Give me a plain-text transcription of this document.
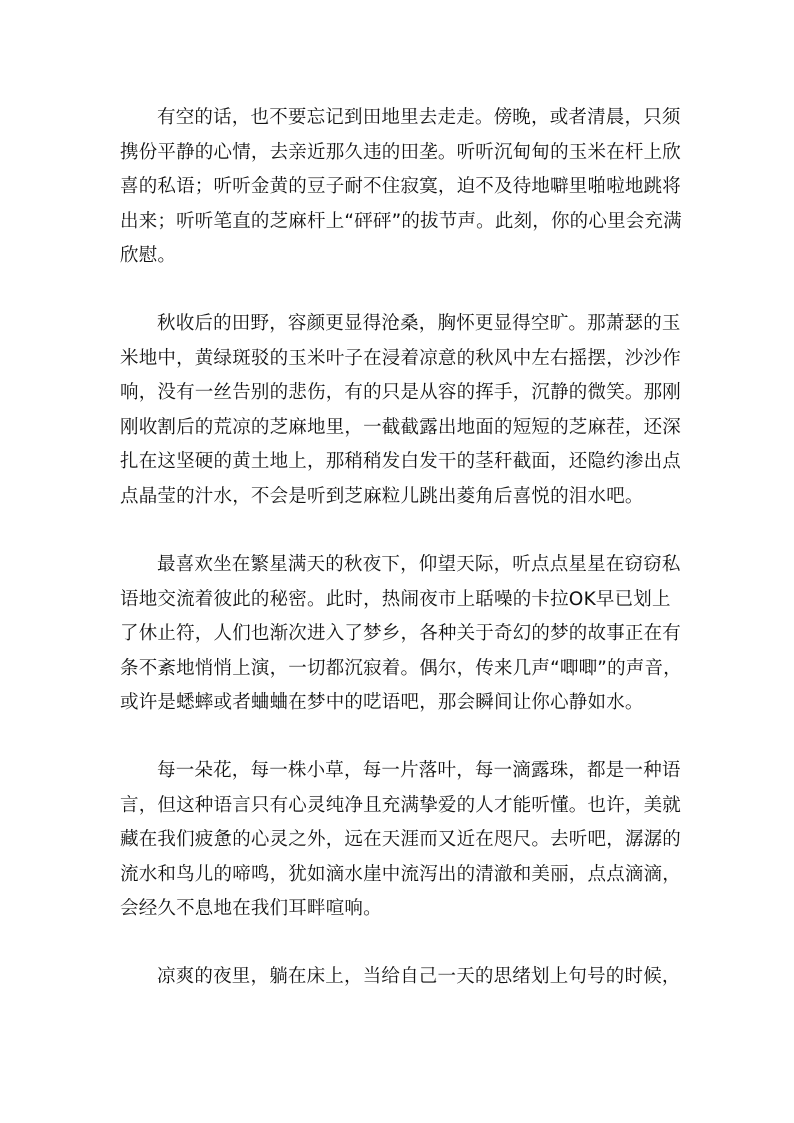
有空的话，也不要忘记到田地里去走走。傍晚，或者清晨，只须
携份平静的心情，去亲近那久违的田垄。听听沉甸甸的玉米在杆上欣
喜的私语；听听金黄的豆子耐不住寂寞，迫不及待地噼里啪啦地跳将
出来；听听笔直的芝麻杆上“砰砰”的拔节声。此刻，你的心里会充满
欣慰。
秋收后的田野，容颜更显得沧桑，胸怀更显得空旷。那萧瑟的玉
米地中，黄绿斑驳的玉米叶子在浸着凉意的秋风中左右摇摆，沙沙作
响，没有一丝告别的悲伤，有的只是从容的挥手，沉静的微笑。那刚
刚收割后的荒凉的芝麻地里，一截截露出地面的短短的芝麻茬，还深
扎在这坚硬的黄土地上，那稍稍发白发干的茎秆截面，还隐约渗出点
点晶莹的汁水，不会是听到芝麻粒儿跳出菱角后喜悦的泪水吧。
最喜欢坐在繁星满天的秋夜下，仰望天际，听点点星星在窃窃私
语地交流着彼此的秘密。此时，热闹夜市上聒噪的卡拉OK早已划上
了休止符，人们也渐次进入了梦乡，各种关于奇幻的梦的故事正在有
条不紊地悄悄上演，一切都沉寂着。偶尔，传来几声“唧唧”的声音，
或许是蟋蟀或者蛐蛐在梦中的呓语吧，那会瞬间让你心静如水。
每一朵花，每一株小草，每一片落叶，每一滴露珠，都是一种语
言，但这种语言只有心灵纯净且充满挚爱的人才能听懂。也许，美就
藏在我们疲惫的心灵之外，远在天涯而又近在咫尺。去听吧，潺潺的
流水和鸟儿的啼鸣，犹如滴水崖中流泻出的清澈和美丽，点点滴滴，
会经久不息地在我们耳畔喧响。
凉爽的夜里，躺在床上，当给自己一天的思绪划上句号的时候，
